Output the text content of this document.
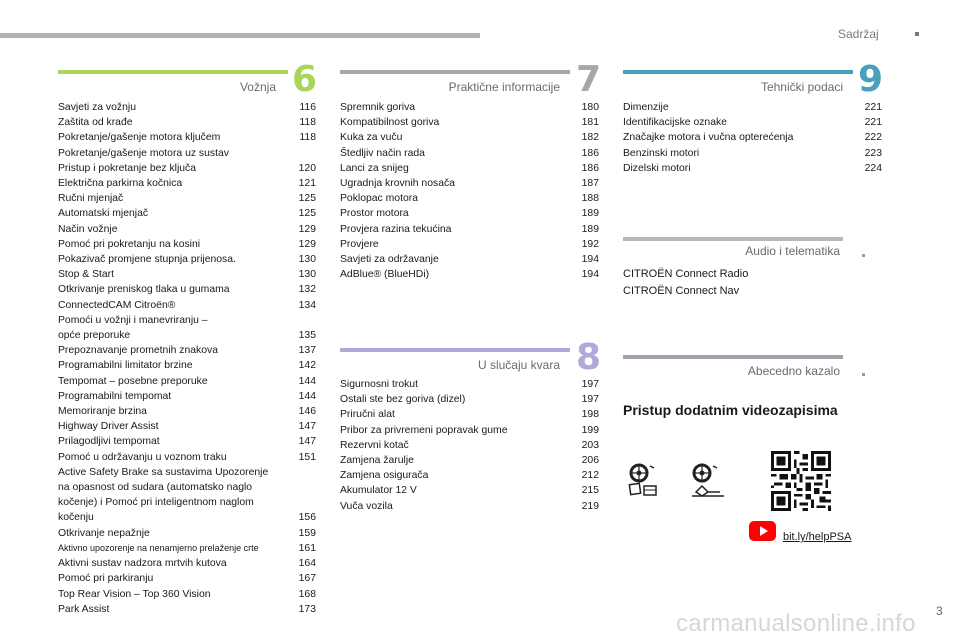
Sadržaj
Vožnja 6
Savjeti za vožnju	116
Zaštita od krađe	118
Pokretanje/gašenje motora ključem	118
Pokretanje/gašenje motora uz sustav
Pristup i pokretanje bez ključa	120
Električna parkirna kočnica	121
Ručni mjenjač	125
Automatski mjenjač	125
Način vožnje	129
Pomoć pri pokretanju na kosini	129
Pokazivač promjene stupnja prijenosa.	130
Stop & Start	130
Otkrivanje preniskog tlaka u gumama	132
ConnectedCAM Citroën®	134
Pomoći u vožnji i manevriranju –
opće preporuke	135
Prepoznavanje prometnih znakova	137
Programabilni limitator brzine	142
Tempomat – posebne preporuke	144
Programabilni tempomat	144
Memoriranje brzina	146
Highway Driver Assist	147
Prilagodljivi tempomat	147
Pomoć u održavanju u voznom traku	151
Active Safety Brake sa sustavima Upozorenje
na opasnost od sudara (automatsko naglo
kočenje) i Pomoć pri inteligentnom naglom
kočenju	156
Otkrivanje nepažnje	159
Aktivno upozorenje na nenamjerno prelaženje crte	161
Aktivni sustav nadzora mrtvih kutova	164
Pomoć pri parkiranju	167
Top Rear Vision – Top 360 Vision	168
Park Assist	173
Praktične informacije 7
Spremnik goriva	180
Kompatibilnost goriva	181
Kuka za vuču	182
Štedljiv način rada	186
Lanci za snijeg	186
Ugradnja krovnih nosača	187
Poklopac motora	188
Prostor motora	189
Provjera razina tekućina	189
Provjere	192
Savjeti za održavanje	194
AdBlue® (BlueHDi)	194
U slučaju kvara 8
Sigurnosni trokut	197
Ostali ste bez goriva (dizel)	197
Priručni alat	198
Pribor za privremeni popravak gume	199
Rezervni kotač	203
Zamjena žarulje	206
Zamjena osigurača	212
Akumulator 12 V	215
Vuča vozila	219
Tehnički podaci 9
Dimenzije	221
Identifikacijske oznake	221
Značajke motora i vučna opterećenja	222
Benzinski motori	223
Dizelski motori	224
Audio i telematika
CITROËN Connect Radio
CITROËN Connect Nav
Abecedno kazalo
Pristup dodatnim videozapisima
bit.ly/helpPSA
3
carmanualsonline.info
